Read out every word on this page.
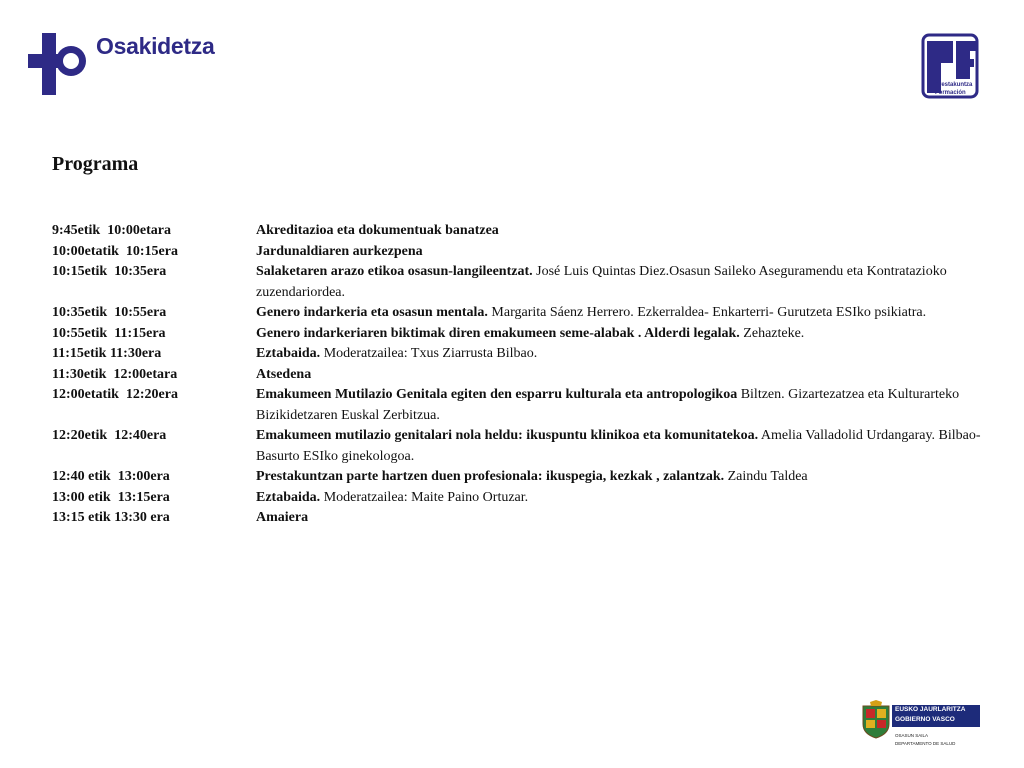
Osakidetza
Prestakuntza
Formación
Programa
9:45etik  10:00etara	Akreditazioa eta dokumentuak banatzea
10:00etatik  10:15era	Jardunaldiaren aurkezpena
10:15etik  10:35era	Salaketaren arazo etikoa osasun-langileentzat. José Luis Quintas Diez.Osasun Saileko Aseguramendu eta Kontratazioko zuzendariordea.
10:35etik  10:55era	Genero indarkeria eta osasun mentala. Margarita Sáenz Herrero. Ezkerraldea- Enkarterri- Gurutzeta ESIko psikiatra.
10:55etik  11:15era	Genero indarkeriaren biktimak diren emakumeen seme-alabak . Alderdi legalak. Zehazteke.
11:15etik 11:30era	Eztabaida. Moderatzailea: Txus Ziarrusta Bilbao.
11:30etik  12:00etara	Atsedena
12:00etatik  12:20era	Emakumeen Mutilazio Genitala egiten den esparru kulturala eta antropologikoa Biltzen. Gizartezatzea eta Kulturarteko Bizikidetzaren Euskal Zerbitzua.
12:20etik  12:40era	Emakumeen mutilazio genitalari nola heldu: ikuspuntu klinikoa eta komunitatekoa. Amelia Valladolid Urdangaray. Bilbao-Basurto ESIko ginekologoa.
12:40 etik  13:00era	Prestakuntzan parte hartzen duen profesionala: ikuspegia, kezkak , zalantzak. Zaindu Taldea
13:00 etik  13:15era	Eztabaida. Moderatzailea: Maite Paino Ortuzar.
13:15 etik 13:30 era	Amaiera
EUSKO JAURLARITZA
GOBIERNO VASCO
OSASUN SAILA
DEPARTAMENTO DE SALUD
